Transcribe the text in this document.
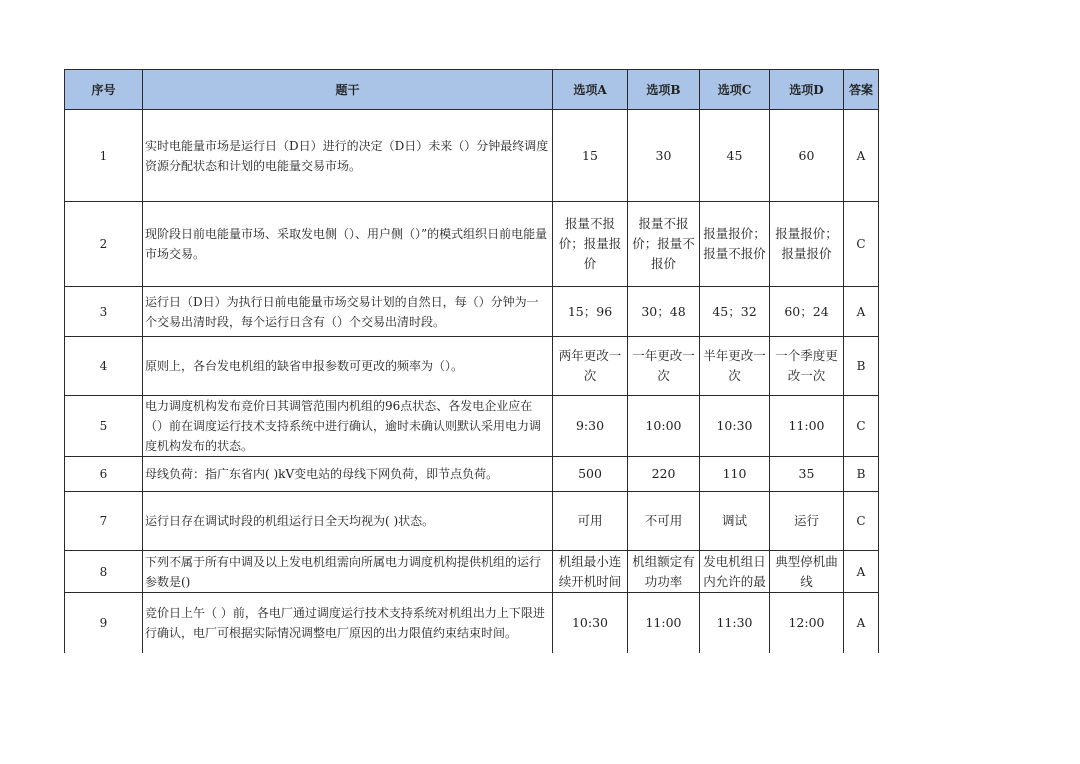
序号	题干	选项A	选项B	选项C	选项D	答案
1	实时电能量市场是运行日（D日）进行的决定（D日）未来（）分钟最终调度资源分配状态和计划的电能量交易市场。	15	30	45	60	A
2	现阶段日前电能量市场、采取发电侧（）、用户侧（）”的模式组织日前电能量市场交易。	报量不报价；报量报价	报量不报价；报量不报价	报量报价；报量不报价	报量报价；报量报价	C
3	运行日（D日）为执行日前电能量市场交易计划的自然日，每（）分钟为一个交易出清时段，每个运行日含有（）个交易出清时段。	15；96	30；48	45；32	60；24	A
4	原则上，各台发电机组的缺省申报参数可更改的频率为（）。	两年更改一次	一年更改一次	半年更改一次	一个季度更改一次	B
5	电力调度机构发布竞价日其调管范围内机组的96点状态、各发电企业应在（）前在调度运行技术支持系统中进行确认，逾时未确认则默认采用电力调度机构发布的状态。	9:30	10:00	10:30	11:00	C
6	母线负荷：指广东省内( )kV变电站的母线下网负荷，即节点负荷。	500	220	110	35	B
7	运行日存在调试时段的机组运行日全天均视为( )状态。	可用	不可用	调试	运行	C
8	下列不属于所有中调及以上发电机组需向所属电力调度机构提供机组的运行参数是()	机组最小连续开机时间	机组额定有功功率	发电机组日内允许的最	典型停机曲线	A
9	竞价日上午（ ）前，各电厂通过调度运行技术支持系统对机组出力上下限进行确认，电厂可根据实际情况调整电厂原因的出力限值约束结束时间。	10:30	11:00	11:30	12:00	A
